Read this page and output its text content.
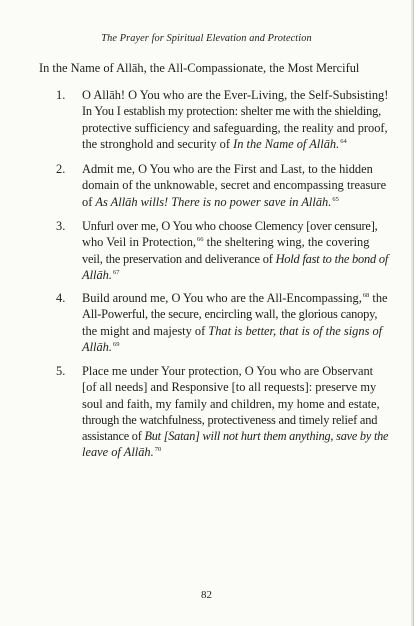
The Prayer for Spiritual Elevation and Protection
In the Name of Allāh, the All-Compassionate, the Most Merciful
1. O Allāh! O You who are the Ever-Living, the Self-Subsisting!
In You I establish my protection: shelter me with the shielding,
protective sufficiency and safeguarding, the reality and proof,
the stronghold and security of In the Name of Allāh.$^{64}$
2. Admit me, O You who are the First and Last, to the hidden
domain of the unknowable, secret and encompassing treasure
of As Allāh wills! There is no power save in Allāh.$^{65}$
3. Unfurl over me, O You who choose Clemency [over censure],
who Veil in Protection,$^{66}$ the sheltering wing, the covering
veil, the preservation and deliverance of Hold fast to the bond of
Allāh.$^{67}$
4. Build around me, O You who are the All-Encompassing,$^{68}$ the
All-Powerful, the secure, encircling wall, the glorious canopy,
the might and majesty of That is better, that is of the signs of
Allāh.$^{69}$
5. Place me under Your protection, O You who are Observant
[of all needs] and Responsive [to all requests]: preserve my
soul and faith, my family and children, my home and estate,
through the watchfulness, protectiveness and timely relief and
assistance of But [Satan] will not hurt them anything, save by the
leave of Allāh.$^{70}$
82
